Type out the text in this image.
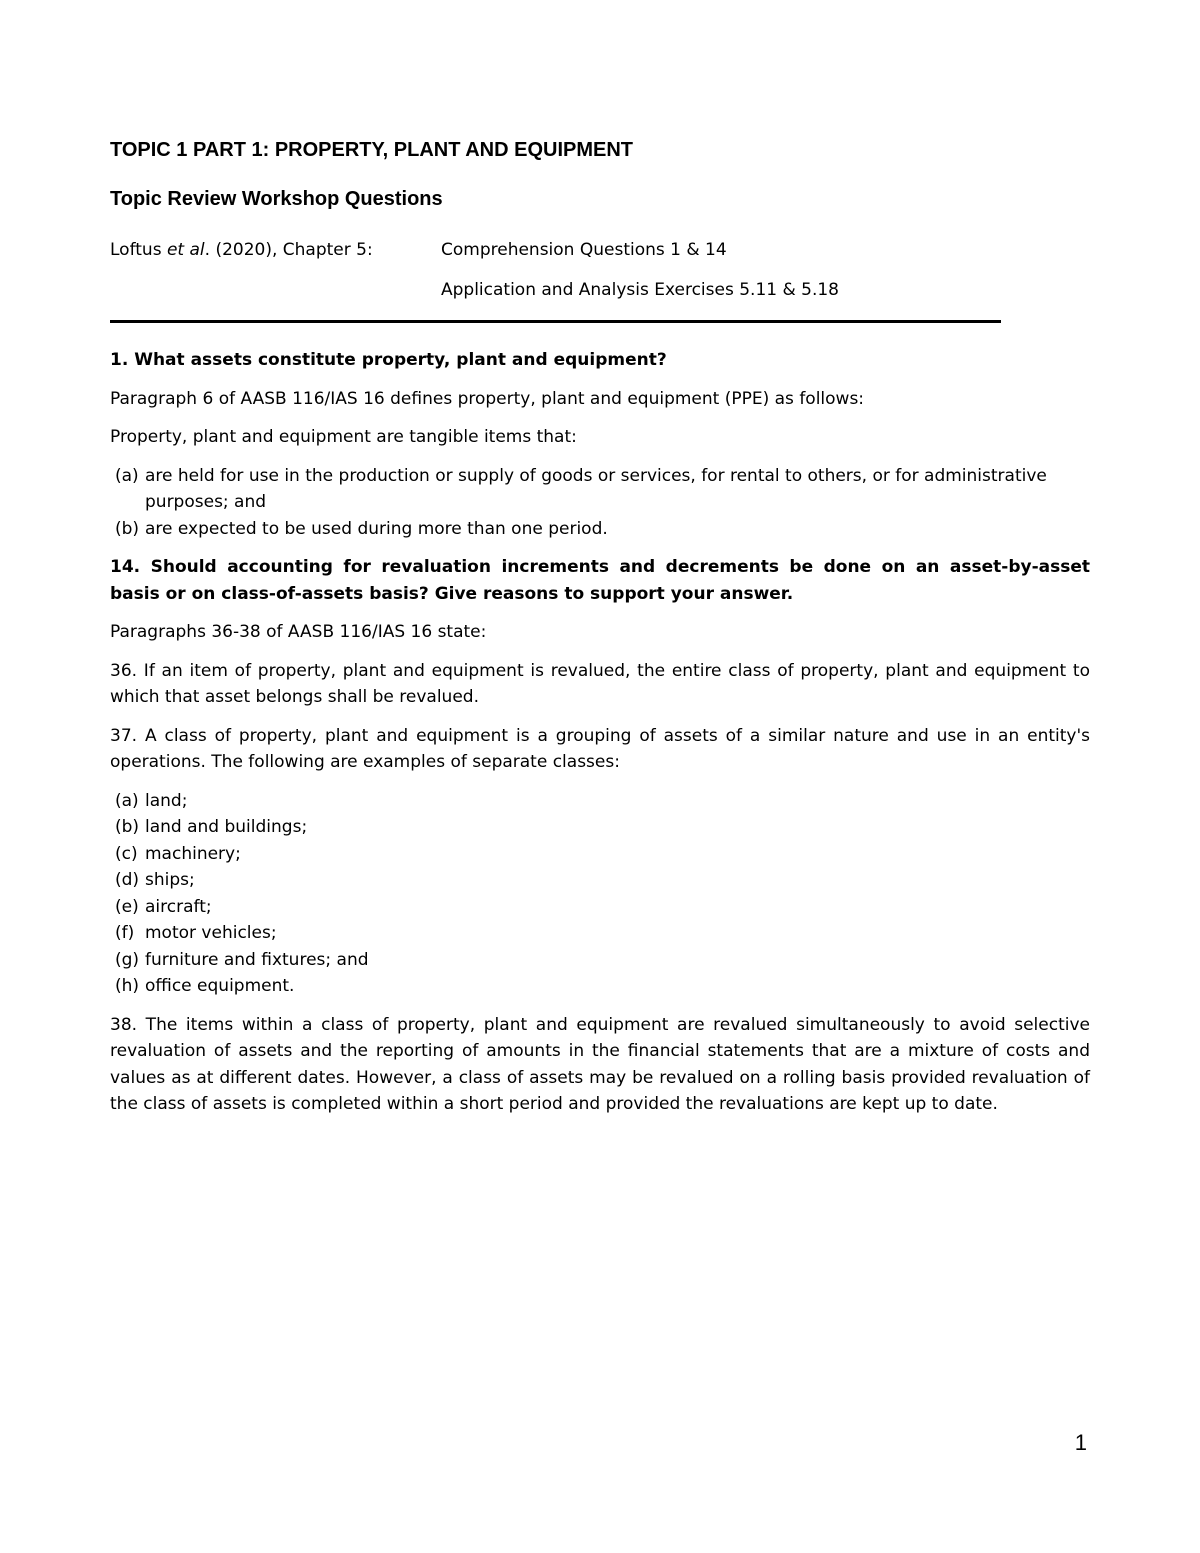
TOPIC 1 PART 1: PROPERTY, PLANT AND EQUIPMENT
Topic Review Workshop Questions
Loftus et al. (2020), Chapter 5:	Comprehension Questions 1 & 14
Application and Analysis Exercises 5.11 & 5.18

1. What assets constitute property, plant and equipment?

Paragraph 6 of AASB 116/IAS 16 defines property, plant and equipment (PPE) as follows:

Property, plant and equipment are tangible items that:

(a) are held for use in the production or supply of goods or services, for rental to others, or for administrative purposes; and
(b) are expected to be used during more than one period.

14. Should accounting for revaluation increments and decrements be done on an asset-by-asset basis or on class-of-assets basis? Give reasons to support your answer.

Paragraphs 36-38 of AASB 116/IAS 16 state:

36. If an item of property, plant and equipment is revalued, the entire class of property, plant and equipment to which that asset belongs shall be revalued.

37. A class of property, plant and equipment is a grouping of assets of a similar nature and use in an entity's operations. The following are examples of separate classes:

(a) land;
(b) land and buildings;
(c) machinery;
(d) ships;
(e) aircraft;
(f) motor vehicles;
(g) furniture and fixtures; and
(h) office equipment.

38. The items within a class of property, plant and equipment are revalued simultaneously to avoid selective revaluation of assets and the reporting of amounts in the financial statements that are a mixture of costs and values as at different dates. However, a class of assets may be revalued on a rolling basis provided revaluation of the class of assets is completed within a short period and provided the revaluations are kept up to date.

1
